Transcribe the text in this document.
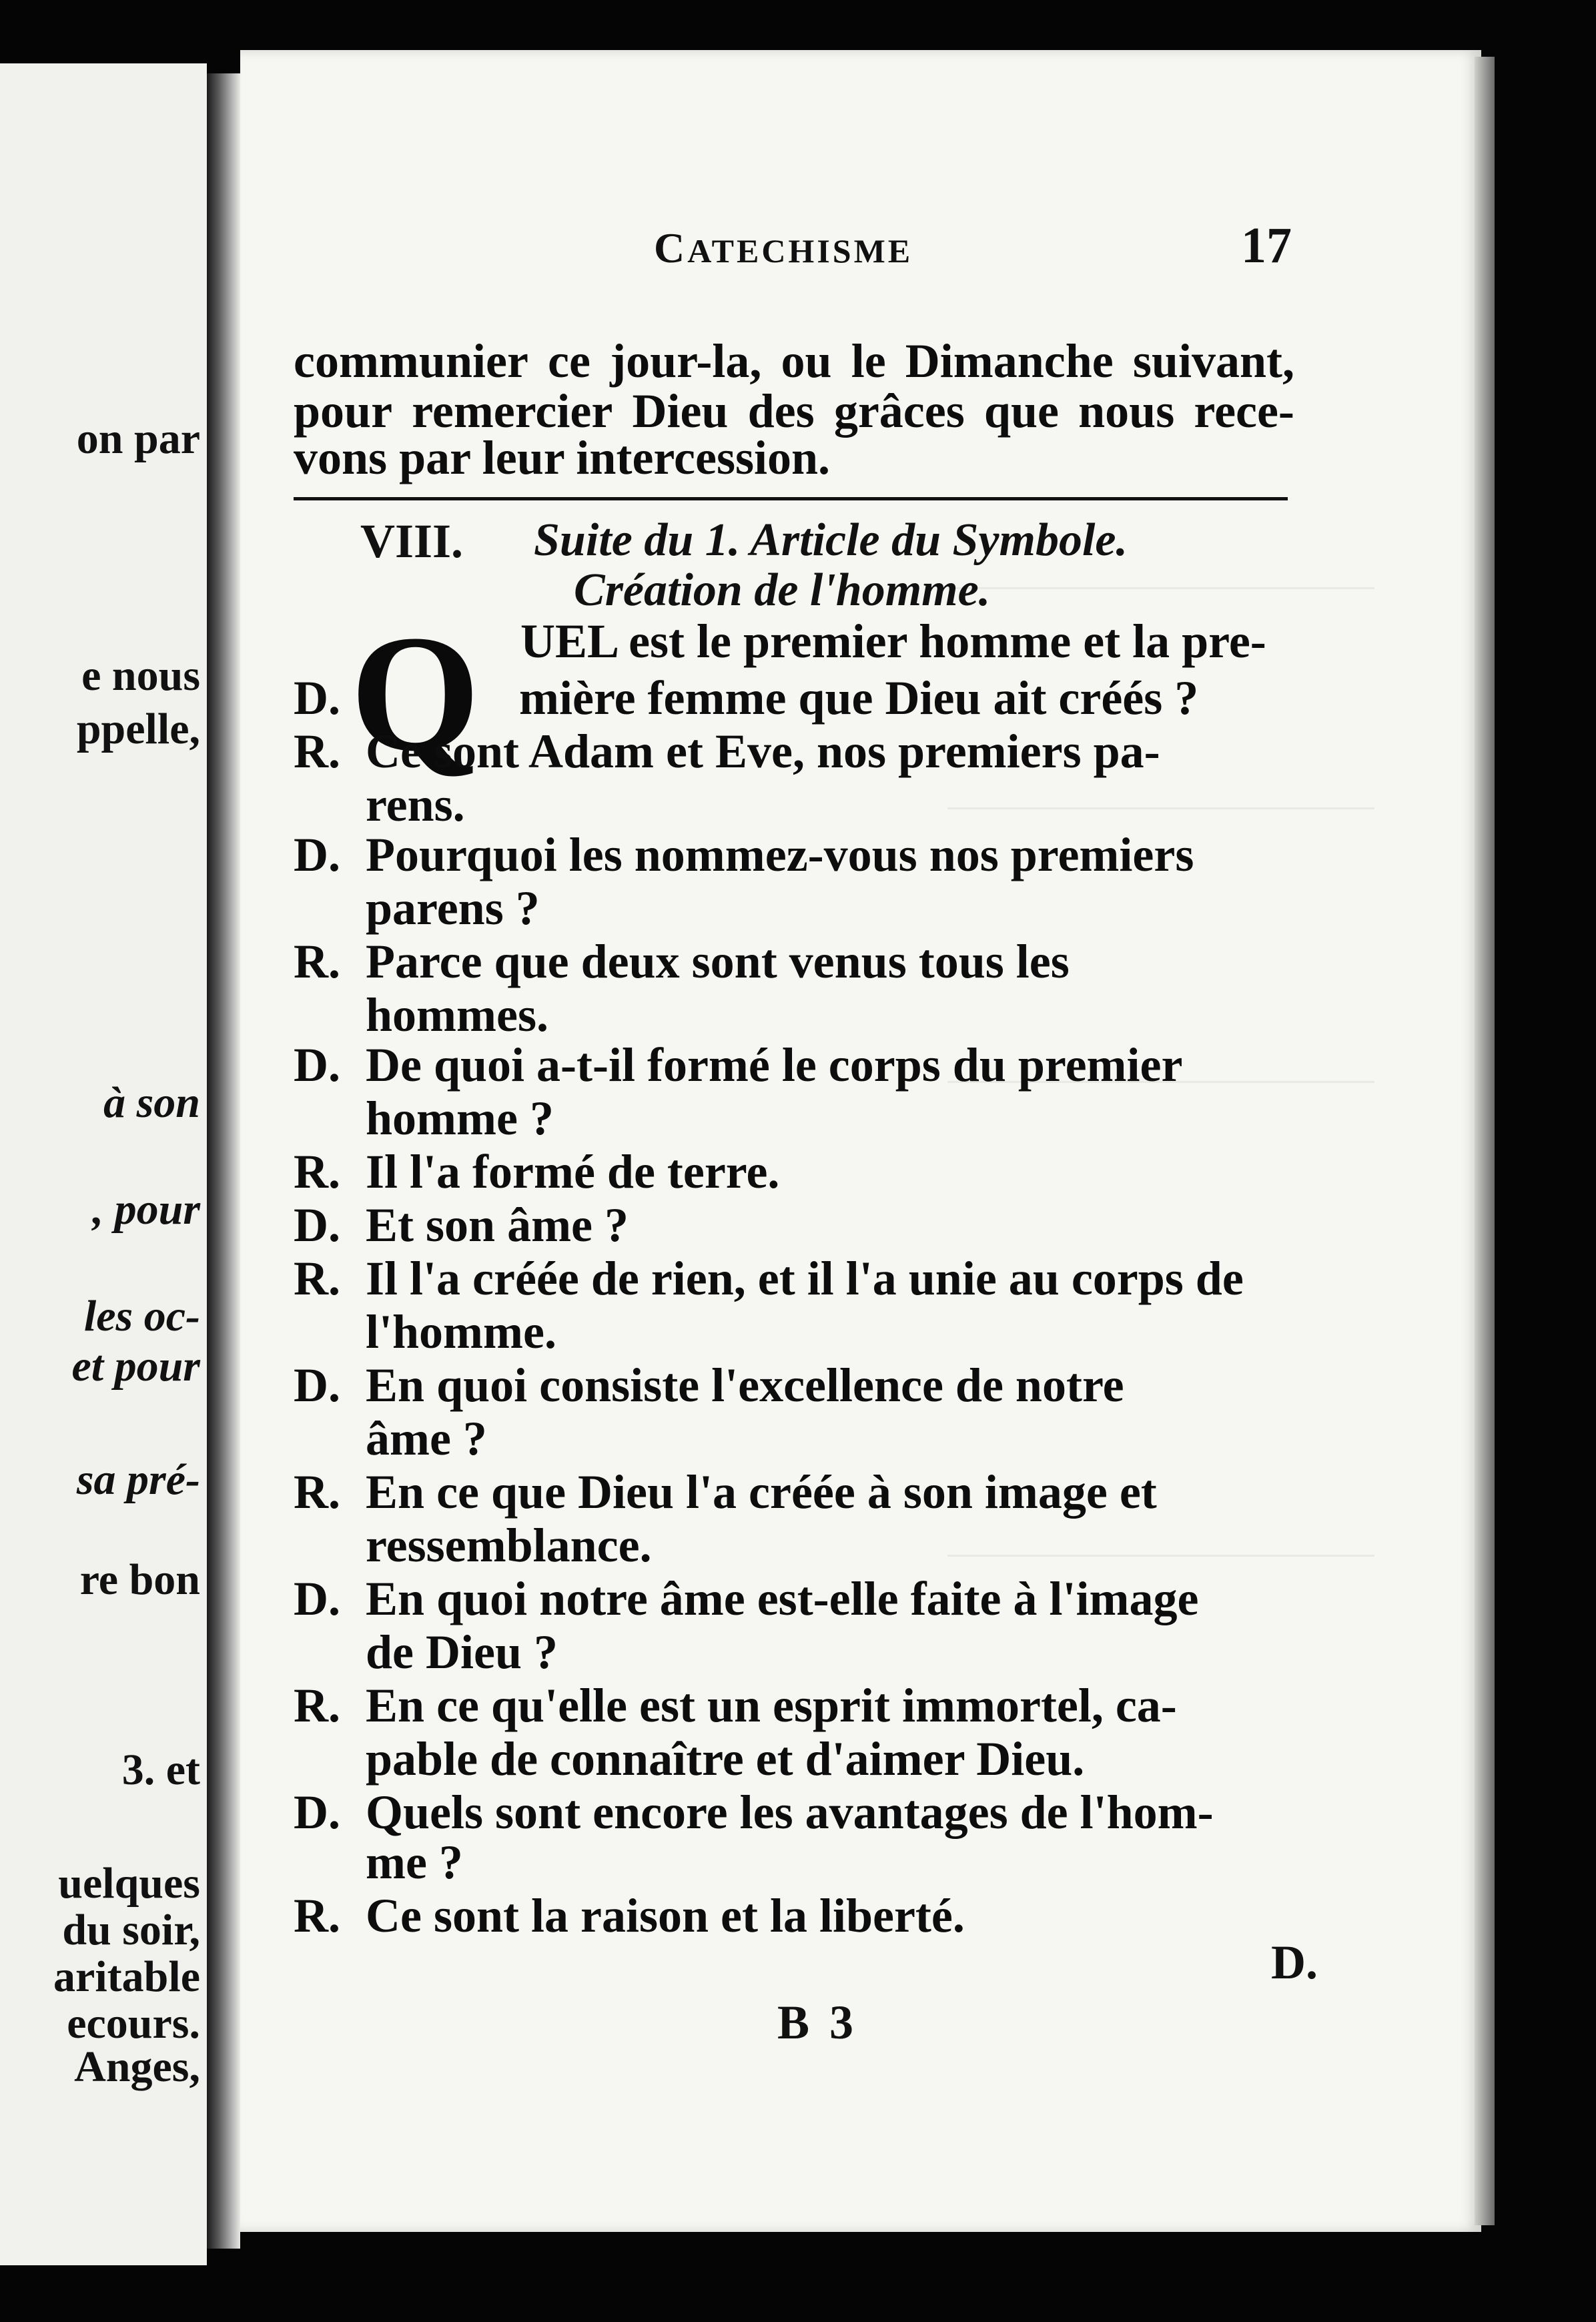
on par
e nous
ppelle,
à son
, pour
les oc-
et pour
sa pré-
re bon
3. et
uelques
du soir,
aritable
ecours.
Anges,
CATECHISME	17
communier ce jour-la, ou le Dimanche suivant,
pour remercier Dieu des grâces que nous rece-
vons par leur intercession.
VIII. Suite du 1. Article du Symbole.
Création de l'homme.
Q UEL est le premier homme et la pre-
D.	mière femme que Dieu ait créés ?
R. Ce sont Adam et Eve, nos premiers pa-
rens.
D. Pourquoi les nommez-vous nos premiers
parens ?
R. Parce que deux sont venus tous les
hommes.
D. De quoi a-t-il formé le corps du premier
homme ?
R. Il l'a formé de terre.
D. Et son âme ?
R. Il l'a créée de rien, et il l'a unie au corps de
l'homme.
D. En quoi consiste l'excellence de notre
âme ?
R. En ce que Dieu l'a créée à son image et
ressemblance.
D. En quoi notre âme est-elle faite à l'image
de Dieu ?
R. En ce qu'elle est un esprit immortel, ca-
pable de connaître et d'aimer Dieu.
D. Quels sont encore les avantages de l'hom-
me ?
R. Ce sont la raison et la liberté.
D.
B 3
